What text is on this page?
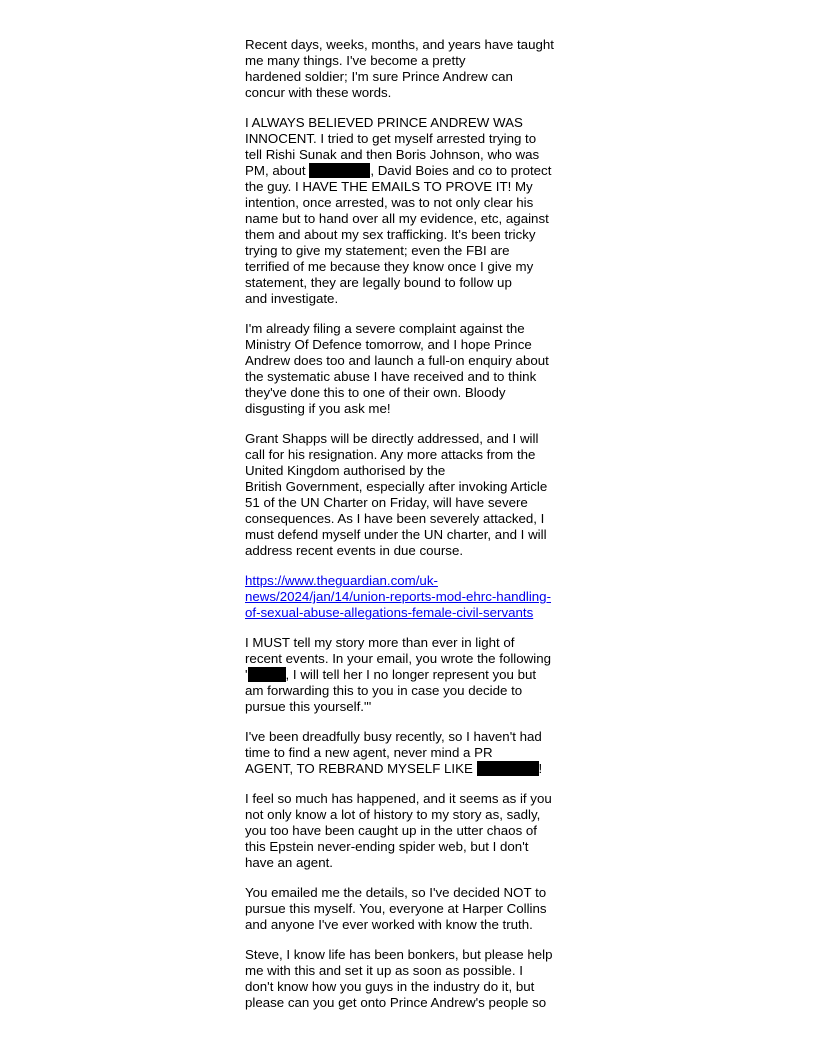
Recent days, weeks, months, and years have taught
me many things. I've become a pretty
hardened soldier; I'm sure Prince Andrew can
concur with these words.

I ALWAYS BELIEVED PRINCE ANDREW WAS
INNOCENT. I tried to get myself arrested trying to
tell Rishi Sunak and then Boris Johnson, who was
PM, about	, David Boies and co to protect
the guy. I HAVE THE EMAILS TO PROVE IT! My
intention, once arrested, was to not only clear his
name but to hand over all my evidence, etc, against
them and about my sex trafficking. It's been tricky
trying to give my statement; even the FBI are
terrified of me because they know once I give my
statement, they are legally bound to follow up
and investigate.

I'm already filing a severe complaint against the
Ministry Of Defence tomorrow, and I hope Prince
Andrew does too and launch a full-on enquiry about
the systematic abuse I have received and to think
they've done this to one of their own. Bloody
disgusting if you ask me!

Grant Shapps will be directly addressed, and I will
call for his resignation. Any more attacks from the
United Kingdom authorised by the
British Government, especially after invoking Article
51 of the UN Charter on Friday, will have severe
consequences. As I have been severely attacked, I
must defend myself under the UN charter, and I will
address recent events in due course.

https://www.theguardian.com/uk-
news/2024/jan/14/union-reports-mod-ehrc-handling-
of-sexual-abuse-allegations-female-civil-servants

I MUST tell my story more than ever in light of
recent events. In your email, you wrote the following
'	, I will tell her I no longer represent you but
am forwarding this to you in case you decide to
pursue this yourself."'

I've been dreadfully busy recently, so I haven't had
time to find a new agent, never mind a PR
AGENT, TO REBRAND MYSELF LIKE	!

I feel so much has happened, and it seems as if you
not only know a lot of history to my story as, sadly,
you too have been caught up in the utter chaos of
this Epstein never-ending spider web, but I don't
have an agent.

You emailed me the details, so I've decided NOT to
pursue this myself. You, everyone at Harper Collins
and anyone I've ever worked with know the truth.

Steve, I know life has been bonkers, but please help
me with this and set it up as soon as possible. I
don't know how you guys in the industry do it, but
please can you get onto Prince Andrew's people so
